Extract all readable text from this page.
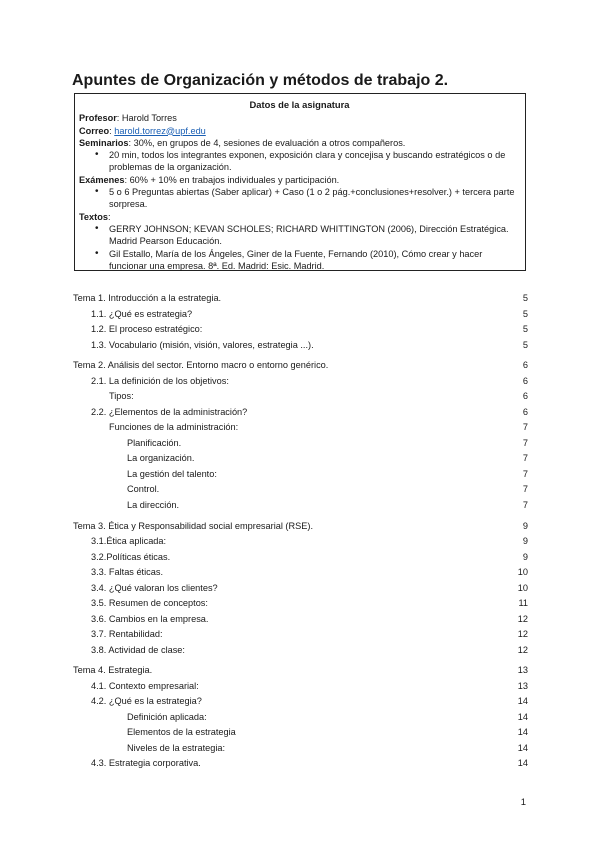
Apuntes de Organización y métodos de trabajo 2.
Datos de la asignatura

Profesor: Harold Torres

Correo: harold.torrez@upf.edu

Seminarios: 30%, en grupos de 4, sesiones de evaluación a otros compañeros.

• 20 min, todos los integrantes exponen, exposición clara y concejisa y buscando estratégicos o de problemas de la organización.

Exámenes: 60% + 10% en trabajos individuales y participación.

• 5 o 6 Preguntas abiertas (Saber aplicar) + Caso (1 o 2 pág.+conclusiones+resolver.) + tercera parte sorpresa.

Textos:

• GERRY JOHNSON; KEVAN SCHOLES; RICHARD WHITTINGTON (2006), Dirección Estratégica. Madrid Pearson Educación.
• Gil Estallo, María de los Ángeles, Giner de la Fuente, Fernando (2010), Cómo crear y hacer funcionar una empresa. 8ª. Ed. Madrid: Esic. Madrid.
Tema 1. Introducción a la estrategia.	5
1.1. ¿Qué es estrategia?	5
1.2. El proceso estratégico:	5
1.3. Vocabulario (misión, visión, valores, estrategia ...).	5
Tema 2. Análisis del sector. Entorno macro o entorno genérico.	6
2.1. La definición de los objetivos:	6
Tipos:	6
2.2. ¿Elementos de la administración?	6
Funciones de la administración:	7
Planificación.	7
La organización.	7
La gestión del talento:	7
Control.	7
La dirección.	7
Tema 3. Ética y Responsabilidad social empresarial (RSE).	9
3.1.Ética aplicada:	9
3.2.Políticas éticas.	9
3.3. Faltas éticas.	10
3.4. ¿Qué valoran los clientes?	10
3.5. Resumen de conceptos:	11
3.6. Cambios en la empresa.	12
3.7. Rentabilidad:	12
3.8. Actividad de clase:	12
Tema 4. Estrategia.	13
4.1. Contexto empresarial:	13
4.2. ¿Qué es la estrategia?	14
Definición aplicada:	14
Elementos de la estrategia	14
Niveles de la estrategia:	14
4.3. Estrategia corporativa.	14
1
